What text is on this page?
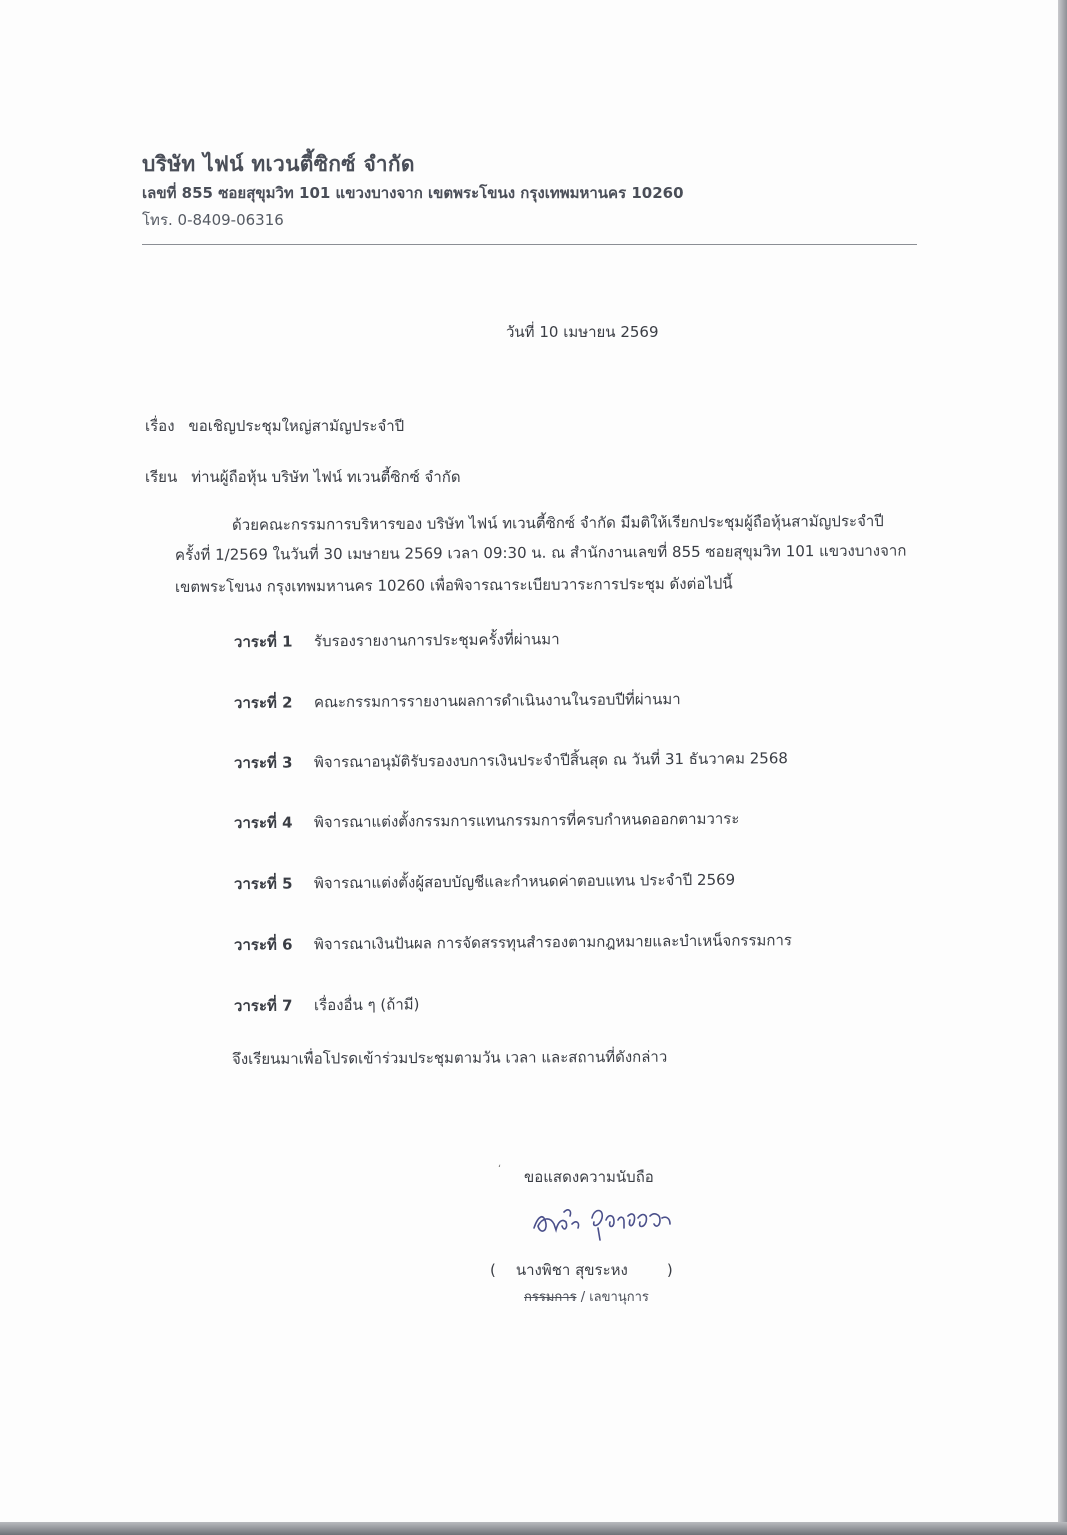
บริษัท ไฟน์ ทเวนตี้ซิกซ์ จำกัด
เลขที่ 855 ซอยสุขุมวิท 101 แขวงบางจาก เขตพระโขนง กรุงเทพมหานคร 10260
โทร. 0-8409-06316
วันที่ 10 เมษายน 2569
เรื่อง ขอเชิญประชุมใหญ่สามัญประจำปี
เรียน ท่านผู้ถือหุ้น บริษัท ไฟน์ ทเวนตี้ซิกซ์ จำกัด
ด้วยคณะกรรมการบริหารของ บริษัท ไฟน์ ทเวนตี้ซิกซ์ จำกัด มีมติให้เรียกประชุมผู้ถือหุ้นสามัญประจำปี
ครั้งที่ 1/2569 ในวันที่ 30 เมษายน 2569 เวลา 09:30 น. ณ สำนักงานเลขที่ 855 ซอยสุขุมวิท 101 แขวงบางจาก
เขตพระโขนง กรุงเทพมหานคร 10260 เพื่อพิจารณาระเบียบวาระการประชุม ดังต่อไปนี้
วาระที่ 1 รับรองรายงานการประชุมครั้งที่ผ่านมา
วาระที่ 2 คณะกรรมการรายงานผลการดำเนินงานในรอบปีที่ผ่านมา
วาระที่ 3 พิจารณาอนุมัติรับรองงบการเงินประจำปีสิ้นสุด ณ วันที่ 31 ธันวาคม 2568
วาระที่ 4 พิจารณาแต่งตั้งกรรมการแทนกรรมการที่ครบกำหนดออกตามวาระ
วาระที่ 5 พิจารณาแต่งตั้งผู้สอบบัญชีและกำหนดค่าตอบแทน ประจำปี 2569
วาระที่ 6 พิจารณาเงินปันผล การจัดสรรทุนสำรองตามกฎหมายและบำเหน็จกรรมการ
วาระที่ 7 เรื่องอื่น ๆ (ถ้ามี)
จึงเรียนมาเพื่อโปรดเข้าร่วมประชุมตามวัน เวลา และสถานที่ดังกล่าว
ʻ ขอแสดงความนับถือ
( นางพิชา สุขระหง	)
กรรมการ / เลขานุการ
